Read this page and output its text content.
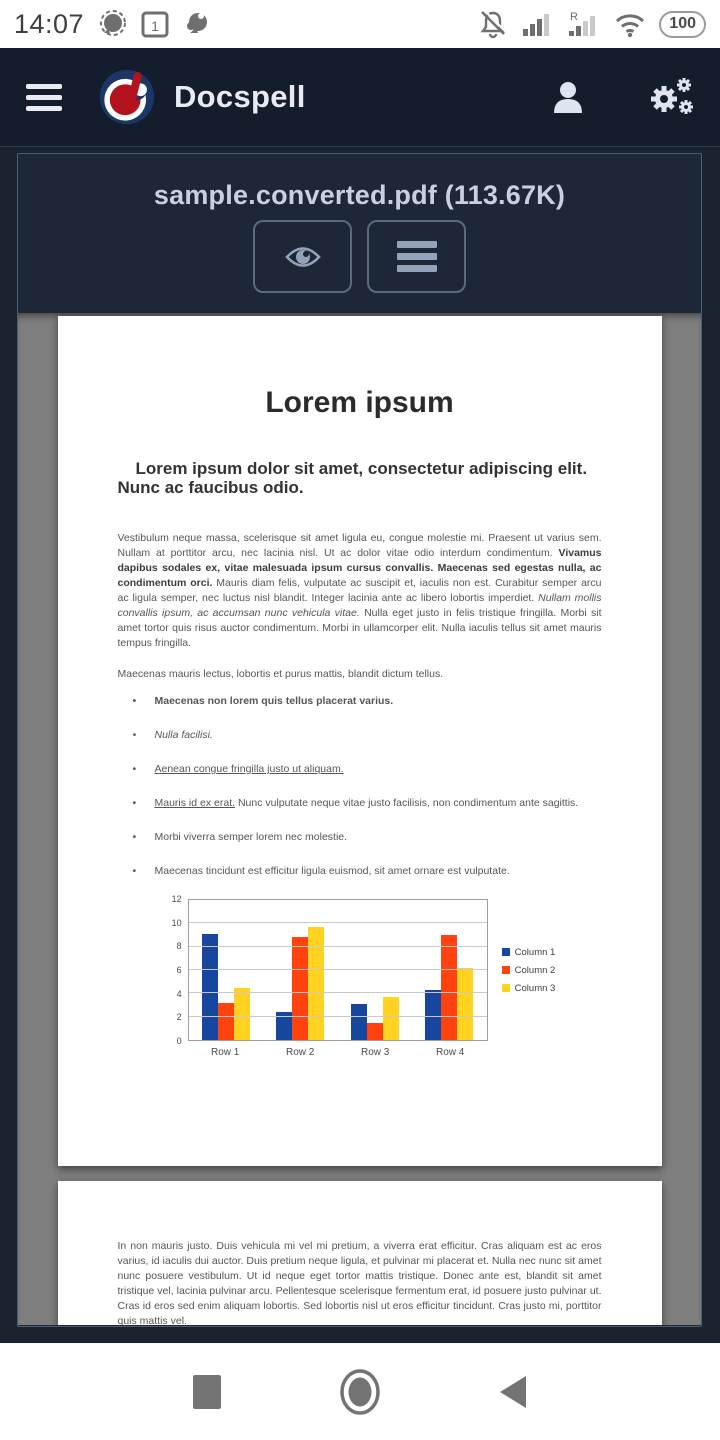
14:07	1
R	100
Docspell
sample.converted.pdf (113.67K)
Lorem ipsum
Lorem ipsum dolor sit amet, consectetur adipiscing elit. Nunc ac faucibus odio.

Vestibulum neque massa, scelerisque sit amet ligula eu, congue molestie mi. Praesent ut varius sem. Nullam at porttitor arcu, nec lacinia nisl. Ut ac dolor vitae odio interdum condimentum. Vivamus dapibus sodales ex, vitae malesuada ipsum cursus convallis. Maecenas sed egestas nulla, ac condimentum orci. Mauris diam felis, vulputate ac suscipit et, iaculis non est. Curabitur semper arcu ac ligula semper, nec luctus nisl blandit. Integer lacinia ante ac libero lobortis imperdiet. Nullam mollis convallis ipsum, ac accumsan nunc vehicula vitae. Nulla eget justo in felis tristique fringilla. Morbi sit amet tortor quis risus auctor condimentum. Morbi in ullamcorper elit. Nulla iaculis tellus sit amet mauris tempus fringilla.

Maecenas mauris lectus, lobortis et purus mattis, blandit dictum tellus.

• Maecenas non lorem quis tellus placerat varius.
• Nulla facilisi.
• Aenean congue fringilla justo ut aliquam.
• Mauris id ex erat. Nunc vulputate neque vitae justo facilisis, non condimentum ante sagittis.
• Morbi viverra semper lorem nec molestie.
• Maecenas tincidunt est efficitur ligula euismod, sit amet ornare est vulputate.
0
2
4
6
8
10
12
Column 1
Column 2
Column 3
Row 1	Row 2	Row 3	Row 4

In non mauris justo. Duis vehicula mi vel mi pretium, a viverra erat efficitur. Cras aliquam est ac eros varius, id iaculis dui auctor. Duis pretium neque ligula, et pulvinar mi placerat et. Nulla nec nunc sit amet nunc posuere vestibulum. Ut id neque eget tortor mattis tristique. Donec ante est, blandit sit amet tristique vel, lacinia pulvinar arcu. Pellentesque scelerisque fermentum erat, id posuere justo pulvinar ut. Cras id eros sed enim aliquam lobortis. Sed lobortis nisl ut eros efficitur tincidunt. Cras justo mi, porttitor quis mattis vel.
